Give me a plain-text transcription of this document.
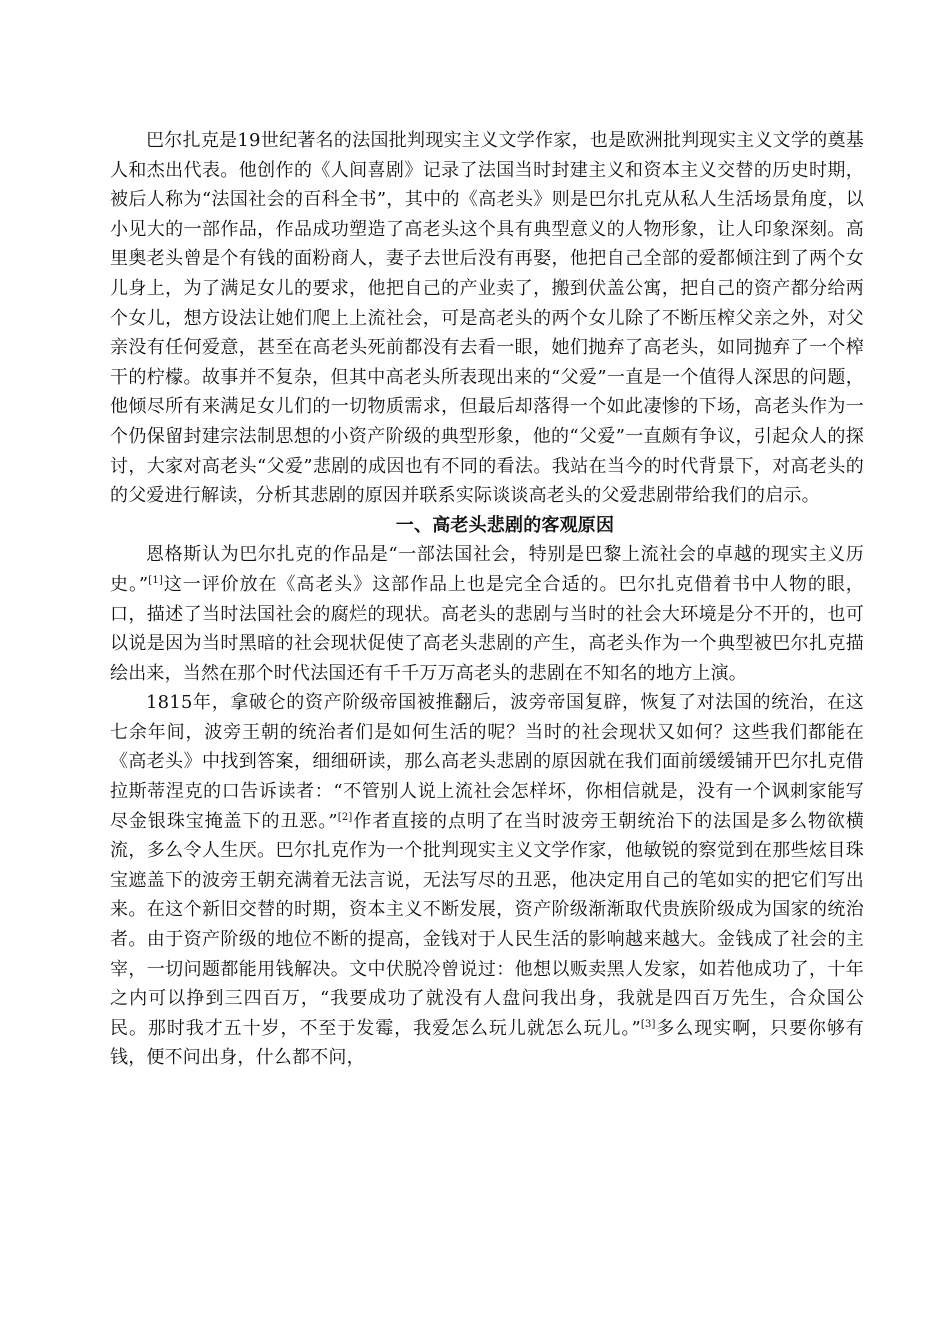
巴尔扎克是19世纪著名的法国批判现实主义文学作家，也是欧洲批判现实主义文学的奠基人和杰出代表。他创作的《人间喜剧》记录了法国当时封建主义和资本主义交替的历史时期，被后人称为“法国社会的百科全书”，其中的《高老头》则是巴尔扎克从私人生活场景角度，以小见大的一部作品，作品成功塑造了高老头这个具有典型意义的人物形象，让人印象深刻。高里奥老头曾是个有钱的面粉商人，妻子去世后没有再娶，他把自己全部的爱都倾注到了两个女儿身上，为了满足女儿的要求，他把自己的产业卖了，搬到伏盖公寓，把自己的资产都分给两个女儿，想方设法让她们爬上上流社会，可是高老头的两个女儿除了不断压榨父亲之外，对父亲没有任何爱意，甚至在高老头死前都没有去看一眼，她们抛弃了高老头，如同抛弃了一个榨干的柠檬。故事并不复杂，但其中高老头所表现出来的“父爱”一直是一个值得人深思的问题，他倾尽所有来满足女儿们的一切物质需求，但最后却落得一个如此凄惨的下场，高老头作为一个仍保留封建宗法制思想的小资产阶级的典型形象，他的“父爱”一直颇有争议，引起众人的探讨，大家对高老头“父爱”悲剧的成因也有不同的看法。我站在当今的时代背景下，对高老头的的父爱进行解读，分析其悲剧的原因并联系实际谈谈高老头的父爱悲剧带给我们的启示。

一、高老头悲剧的客观原因

恩格斯认为巴尔扎克的作品是“一部法国社会，特别是巴黎上流社会的卓越的现实主义历史。”[1]这一评价放在《高老头》这部作品上也是完全合适的。巴尔扎克借着书中人物的眼，口，描述了当时法国社会的腐烂的现状。高老头的悲剧与当时的社会大环境是分不开的，也可以说是因为当时黑暗的社会现状促使了高老头悲剧的产生，高老头作为一个典型被巴尔扎克描绘出来，当然在那个时代法国还有千千万万高老头的悲剧在不知名的地方上演。

1815年，拿破仑的资产阶级帝国被推翻后，波旁帝国复辟，恢复了对法国的统治，在这七余年间，波旁王朝的统治者们是如何生活的呢？当时的社会现状又如何？这些我们都能在《高老头》中找到答案，细细研读，那么高老头悲剧的原因就在我们面前缓缓铺开巴尔扎克借拉斯蒂涅克的口告诉读者：“不管别人说上流社会怎样坏，你相信就是，没有一个讽刺家能写尽金银珠宝掩盖下的丑恶。”[2]作者直接的点明了在当时波旁王朝统治下的法国是多么物欲横流，多么令人生厌。巴尔扎克作为一个批判现实主义文学作家，他敏锐的察觉到在那些炫目珠宝遮盖下的波旁王朝充满着无法言说，无法写尽的丑恶，他决定用自己的笔如实的把它们写出来。在这个新旧交替的时期，资本主义不断发展，资产阶级渐渐取代贵族阶级成为国家的统治者。由于资产阶级的地位不断的提高，金钱对于人民生活的影响越来越大。金钱成了社会的主宰，一切问题都能用钱解决。文中伏脱冷曾说过：他想以贩卖黑人发家，如若他成功了，十年之内可以挣到三四百万，“我要成功了就没有人盘问我出身，我就是四百万先生，合众国公民。那时我才五十岁，不至于发霉，我爱怎么玩儿就怎么玩儿。”[3]多么现实啊，只要你够有钱，便不问出身，什么都不问，
